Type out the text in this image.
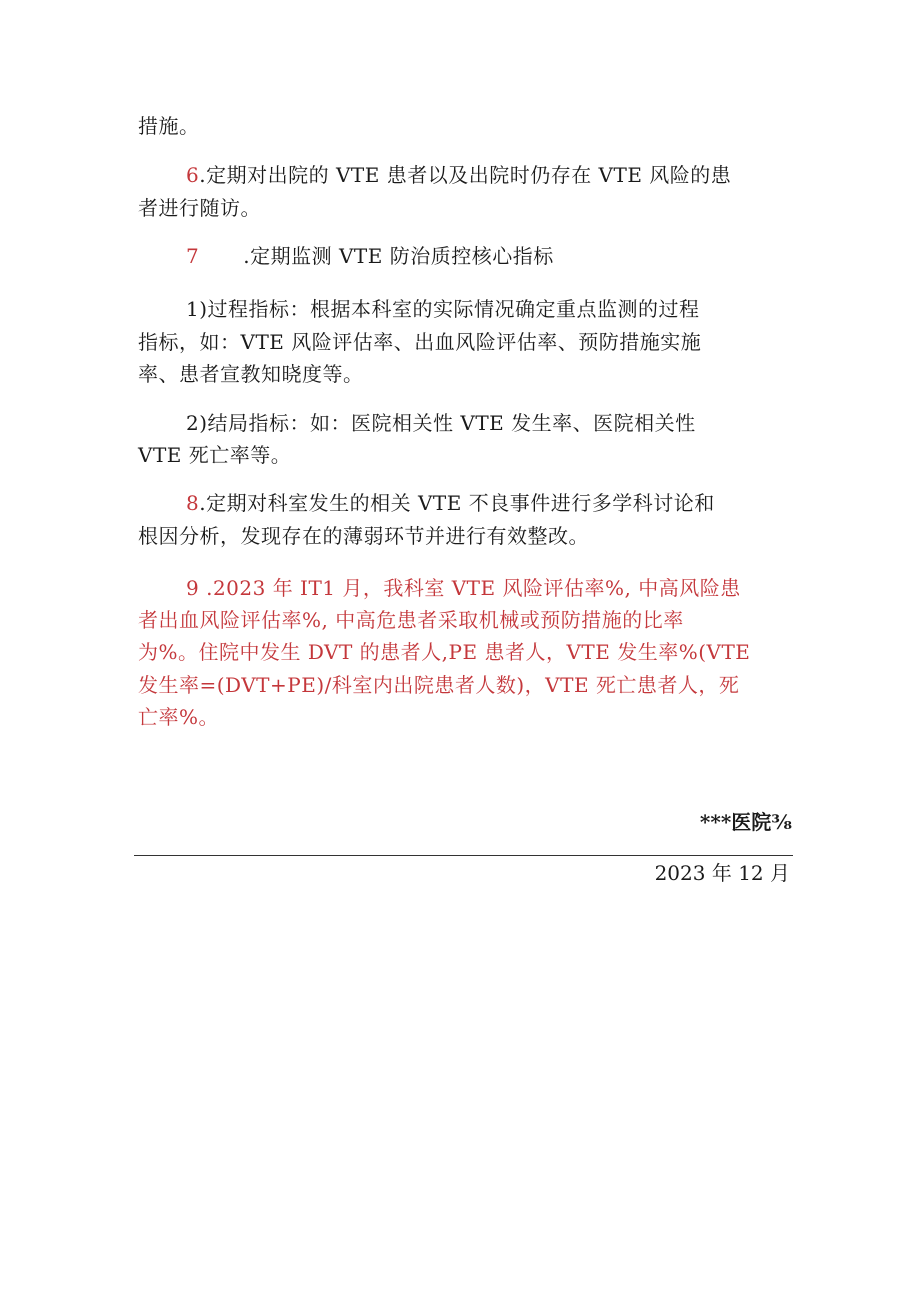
措施。
6.定期对出院的 VTE 患者以及出院时仍存在 VTE 风险的患
者进行随访。
7 .定期监测 VTE 防治质控核心指标
1)过程指标：根据本科室的实际情况确定重点监测的过程
指标，如：VTE 风险评估率、出血风险评估率、预防措施实施
率、患者宣教知晓度等。
2)结局指标：如：医院相关性 VTE 发生率、医院相关性
VTE 死亡率等。
8.定期对科室发生的相关 VTE 不良事件进行多学科讨论和
根因分析，发现存在的薄弱环节并进行有效整改。
9 .2023 年 IT1 月，我科室 VTE 风险评估率%, 中高风险患
者出血风险评估率%, 中高危患者采取机械或预防措施的比率
为%。住院中发生 DVT 的患者人,PE 患者人，VTE 发生率%(VTE
发生率=(DVT+PE)/科室内出院患者人数)，VTE 死亡患者人，死
亡率%。
***医院⅜
2023 年 12 月
